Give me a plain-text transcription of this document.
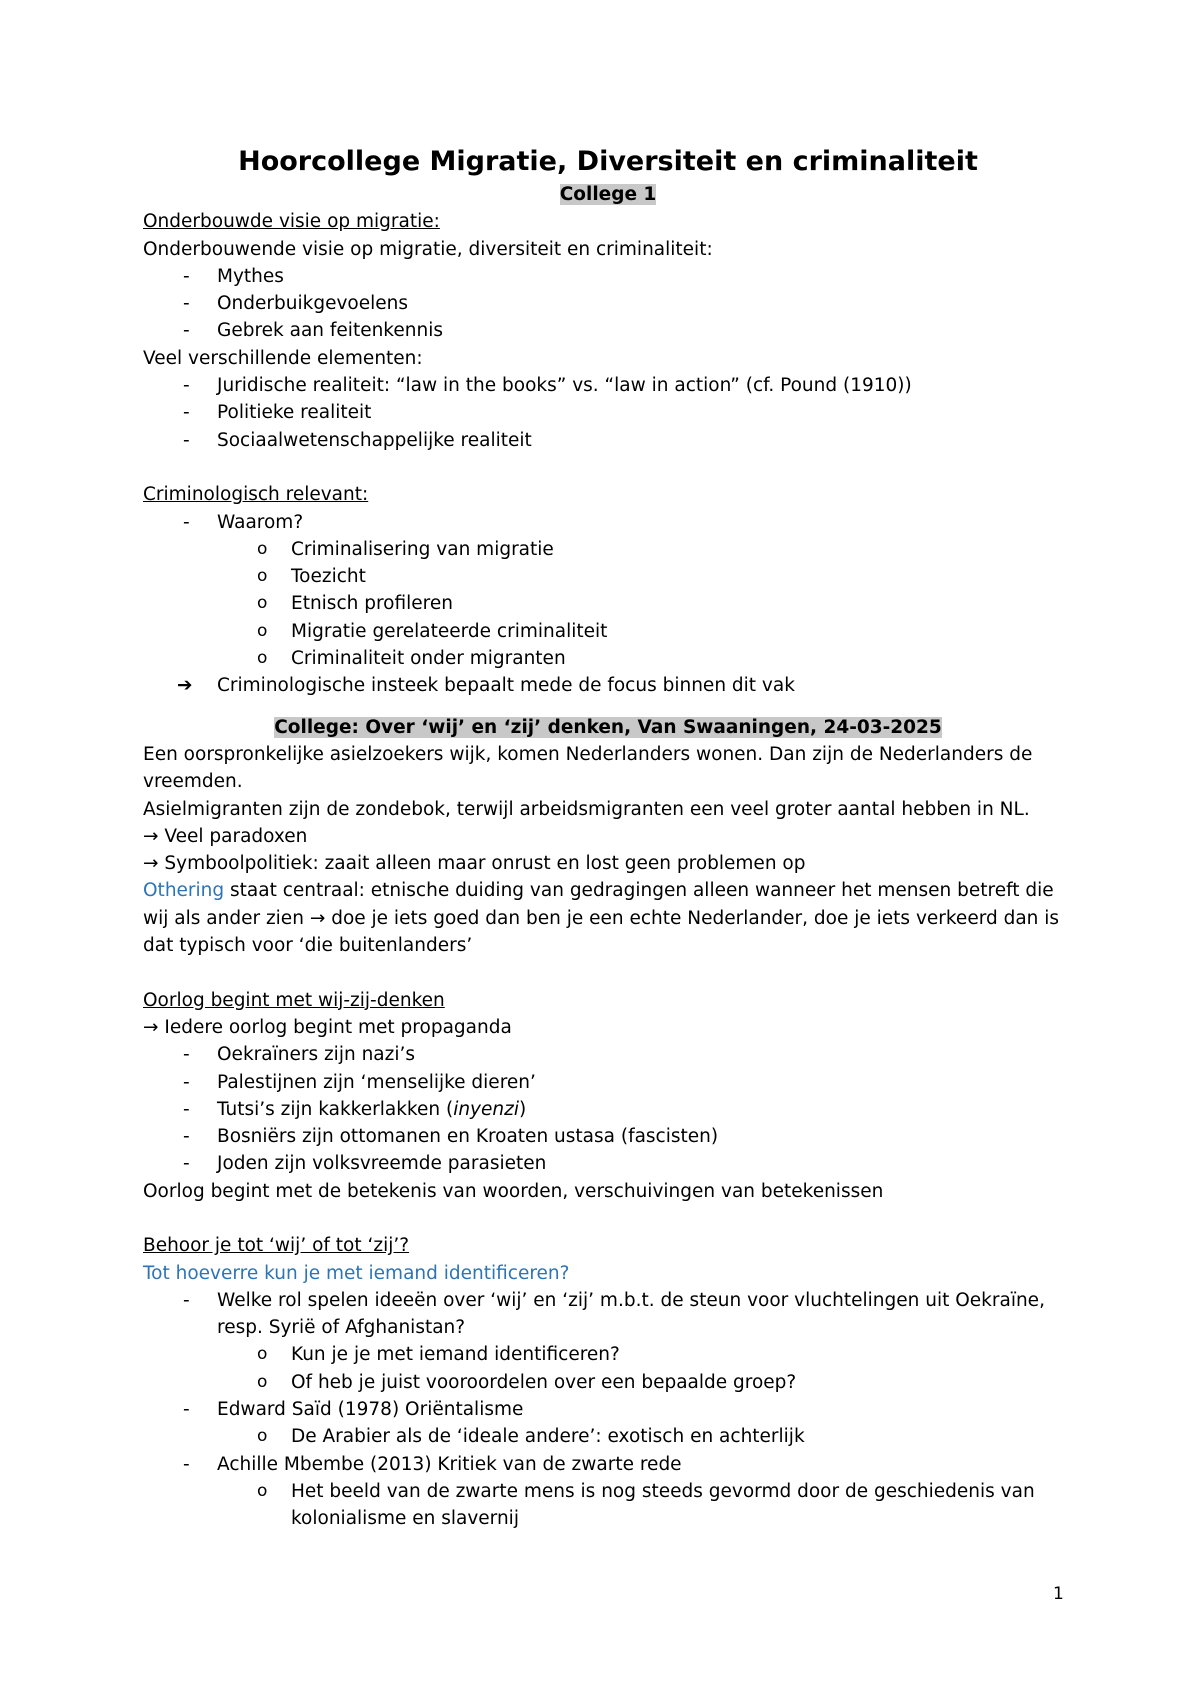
Hoorcollege Migratie, Diversiteit en criminaliteit
College 1
Onderbouwde visie op migratie:
Onderbouwende visie op migratie, diversiteit en criminaliteit:
- Mythes
- Onderbuikgevoelens
- Gebrek aan feitenkennis
Veel verschillende elementen:
- Juridische realiteit: “law in the books” vs. “law in action” (cf. Pound (1910))
- Politieke realiteit
- Sociaalwetenschappelijke realiteit
Criminologisch relevant:
- Waarom?
o Criminalisering van migratie
o Toezicht
o Etnisch profileren
o Migratie gerelateerde criminaliteit
o Criminaliteit onder migranten
➔ Criminologische insteek bepaalt mede de focus binnen dit vak
College: Over ‘wij’ en ‘zij’ denken, Van Swaaningen, 24-03-2025
Een oorspronkelijke asielzoekers wijk, komen Nederlanders wonen. Dan zijn de Nederlanders de vreemden.
Asielmigranten zijn de zondebok, terwijl arbeidsmigranten een veel groter aantal hebben in NL.
→ Veel paradoxen
→ Symboolpolitiek: zaait alleen maar onrust en lost geen problemen op
Othering staat centraal: etnische duiding van gedragingen alleen wanneer het mensen betreft die wij als ander zien → doe je iets goed dan ben je een echte Nederlander, doe je iets verkeerd dan is dat typisch voor ‘die buitenlanders’
Oorlog begint met wij-zij-denken
→ Iedere oorlog begint met propaganda
- Oekraïners zijn nazi’s
- Palestijnen zijn ‘menselijke dieren’
- Tutsi’s zijn kakkerlakken (inyenzi)
- Bosniërs zijn ottomanen en Kroaten ustasa (fascisten)
- Joden zijn volksvreemde parasieten
Oorlog begint met de betekenis van woorden, verschuivingen van betekenissen
Behoor je tot ‘wij’ of tot ‘zij’?
Tot hoeverre kun je met iemand identificeren?
- Welke rol spelen ideeën over ‘wij’ en ‘zij’ m.b.t. de steun voor vluchtelingen uit Oekraïne, resp. Syrië of Afghanistan?
o Kun je je met iemand identificeren?
o Of heb je juist vooroordelen over een bepaalde groep?
- Edward Saïd (1978) Oriëntalisme
o De Arabier als de ‘ideale andere’: exotisch en achterlijk
- Achille Mbembe (2013) Kritiek van de zwarte rede
o Het beeld van de zwarte mens is nog steeds gevormd door de geschiedenis van kolonialisme en slavernij
1
